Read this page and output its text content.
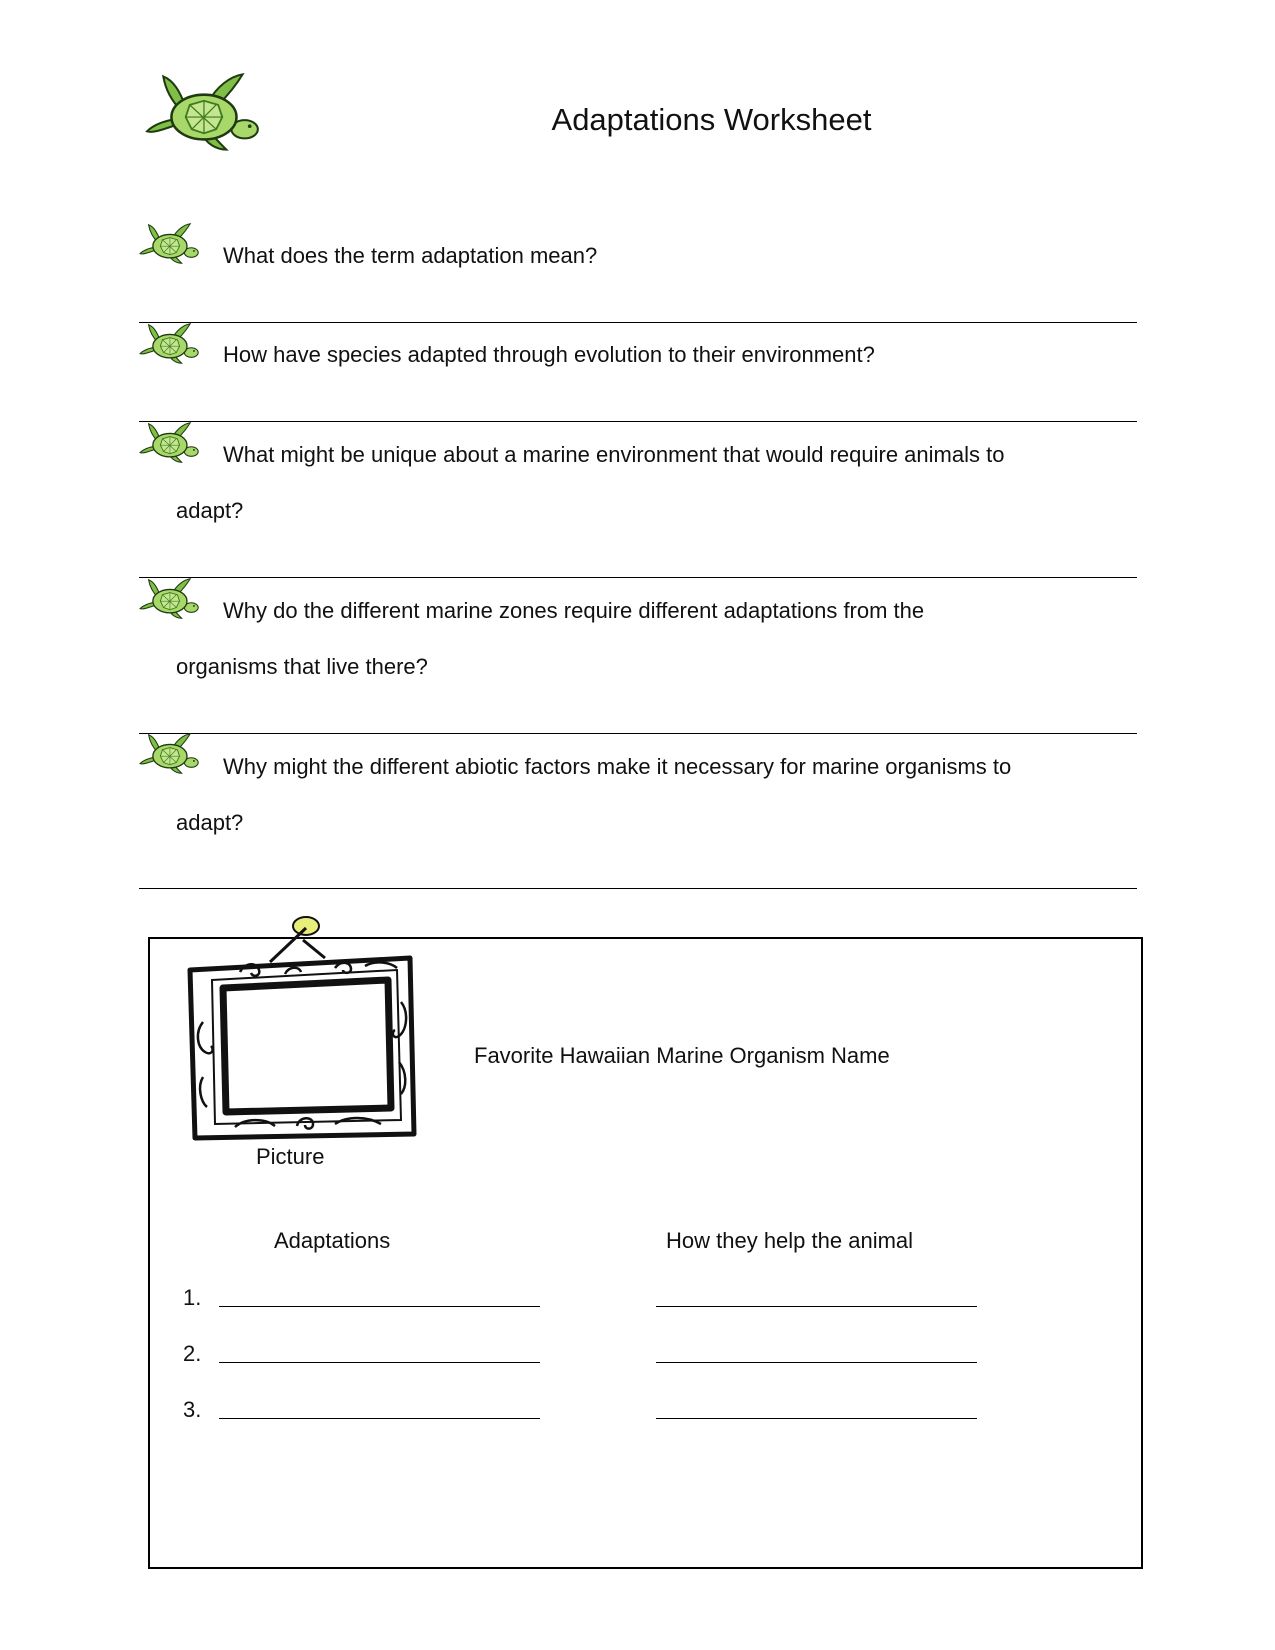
Adaptations Worksheet
What does the term adaptation mean?
How have species adapted through evolution to their environment?
What might be unique about a marine environment that would require animals to
adapt?
Why do the different marine zones require different adaptations from the
organisms that live there?
Why might the different abiotic factors make it necessary for marine organisms to
adapt?
Picture
Favorite Hawaiian Marine Organism Name
Adaptations	How they help the animal
1.
2.
3.
